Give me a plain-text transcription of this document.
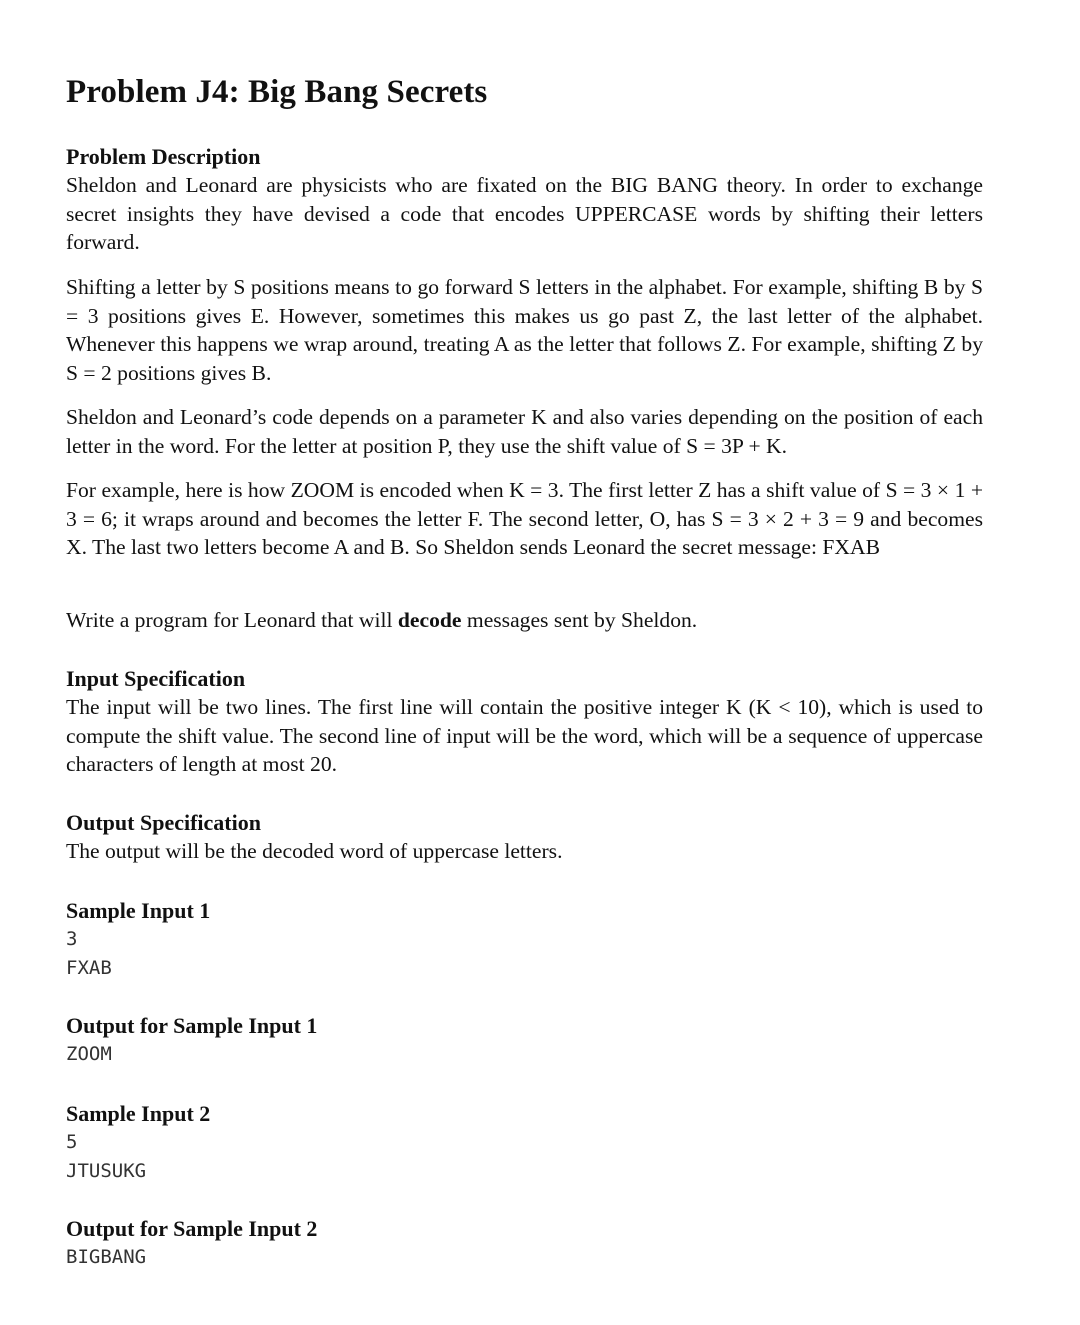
Problem J4: Big Bang Secrets
Problem Description

Sheldon and Leonard are physicists who are fixated on the BIG BANG theory. In order to exchange secret insights they have devised a code that encodes UPPERCASE words by shifting their letters forward.

Shifting a letter by S positions means to go forward S letters in the alphabet. For example, shifting B by S = 3 positions gives E. However, sometimes this makes us go past Z, the last letter of the alphabet. Whenever this happens we wrap around, treating A as the letter that follows Z. For example, shifting Z by S = 2 positions gives B.

Sheldon and Leonard’s code depends on a parameter K and also varies depending on the position of each letter in the word. For the letter at position P, they use the shift value of S = 3P + K.

For example, here is how ZOOM is encoded when K = 3. The first letter Z has a shift value of S = 3 × 1 + 3 = 6; it wraps around and becomes the letter F. The second letter, O, has S = 3 × 2 + 3 = 9 and becomes X. The last two letters become A and B. So Sheldon sends Leonard the secret message: FXAB

Write a program for Leonard that will decode messages sent by Sheldon.

Input Specification

The input will be two lines. The first line will contain the positive integer K (K < 10), which is used to compute the shift value. The second line of input will be the word, which will be a sequence of uppercase characters of length at most 20.

Output Specification

The output will be the decoded word of uppercase letters.

Sample Input 1
3
FXAB
Output for Sample Input 1
ZOOM
Sample Input 2
5
JTUSUKG
Output for Sample Input 2
BIGBANG
